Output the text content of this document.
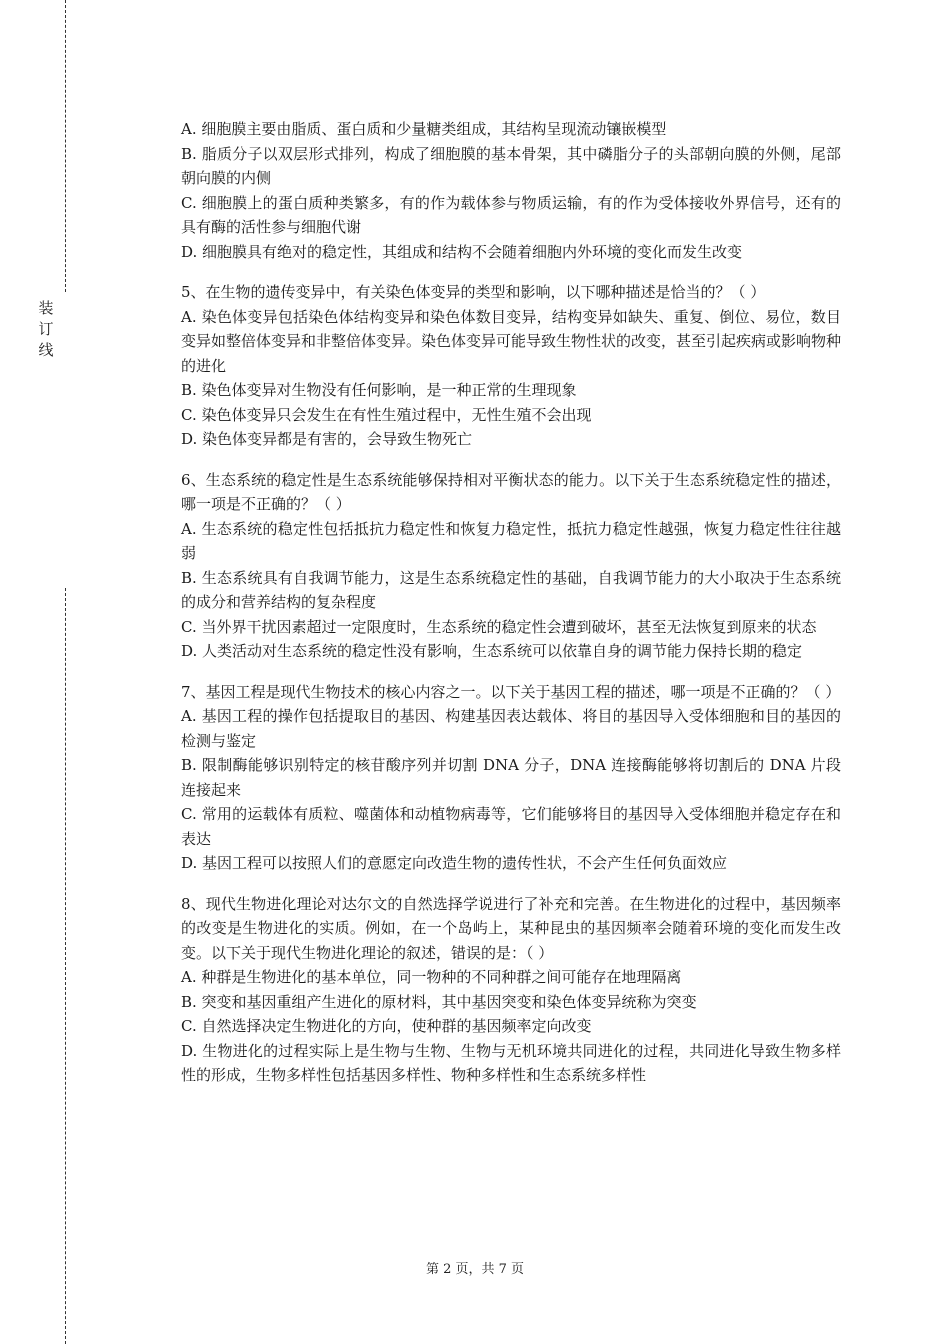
装
订
线

A. 细胞膜主要由脂质、蛋白质和少量糖类组成，其结构呈现流动镶嵌模型

B. 脂质分子以双层形式排列，构成了细胞膜的基本骨架，其中磷脂分子的头部朝向膜的外侧，尾部朝向膜的内侧

C. 细胞膜上的蛋白质种类繁多，有的作为载体参与物质运输，有的作为受体接收外界信号，还有的具有酶的活性参与细胞代谢

D. 细胞膜具有绝对的稳定性，其组成和结构不会随着细胞内外环境的变化而发生改变

5、在生物的遗传变异中，有关染色体变异的类型和影响，以下哪种描述是恰当的？（ ）

A. 染色体变异包括染色体结构变异和染色体数目变异，结构变异如缺失、重复、倒位、易位，数目变异如整倍体变异和非整倍体变异。染色体变异可能导致生物性状的改变，甚至引起疾病或影响物种的进化

B. 染色体变异对生物没有任何影响，是一种正常的生理现象

C. 染色体变异只会发生在有性生殖过程中，无性生殖不会出现

D. 染色体变异都是有害的，会导致生物死亡

6、生态系统的稳定性是生态系统能够保持相对平衡状态的能力。以下关于生态系统稳定性的描述，哪一项是不正确的？（ ）

A. 生态系统的稳定性包括抵抗力稳定性和恢复力稳定性，抵抗力稳定性越强，恢复力稳定性往往越弱

B. 生态系统具有自我调节能力，这是生态系统稳定性的基础，自我调节能力的大小取决于生态系统的成分和营养结构的复杂程度

C. 当外界干扰因素超过一定限度时，生态系统的稳定性会遭到破坏，甚至无法恢复到原来的状态

D. 人类活动对生态系统的稳定性没有影响，生态系统可以依靠自身的调节能力保持长期的稳定

7、基因工程是现代生物技术的核心内容之一。以下关于基因工程的描述，哪一项是不正确的？（ ）

A. 基因工程的操作包括提取目的基因、构建基因表达载体、将目的基因导入受体细胞和目的基因的检测与鉴定

B. 限制酶能够识别特定的核苷酸序列并切割 DNA 分子，DNA 连接酶能够将切割后的 DNA 片段连接起来

C. 常用的运载体有质粒、噬菌体和动植物病毒等，它们能够将目的基因导入受体细胞并稳定存在和表达

D. 基因工程可以按照人们的意愿定向改造生物的遗传性状，不会产生任何负面效应

8、现代生物进化理论对达尔文的自然选择学说进行了补充和完善。在生物进化的过程中，基因频率的改变是生物进化的实质。例如，在一个岛屿上，某种昆虫的基因频率会随着环境的变化而发生改变。以下关于现代生物进化理论的叙述，错误的是：（ ）

A. 种群是生物进化的基本单位，同一物种的不同种群之间可能存在地理隔离

B. 突变和基因重组产生进化的原材料，其中基因突变和染色体变异统称为突变

C. 自然选择决定生物进化的方向，使种群的基因频率定向改变

D. 生物进化的过程实际上是生物与生物、生物与无机环境共同进化的过程，共同进化导致生物多样性的形成，生物多样性包括基因多样性、物种多样性和生态系统多样性

第 2 页，共 7 页
